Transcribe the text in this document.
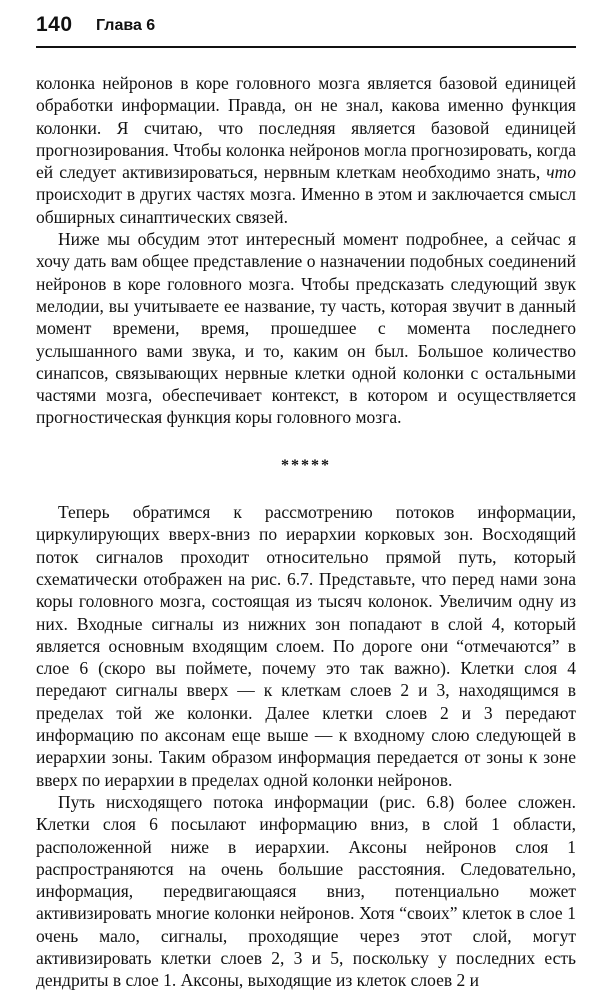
140 Глава 6

колонка нейронов в коре головного мозга является базовой единицей обработки информации. Правда, он не знал, какова именно функция колонки. Я считаю, что последняя является базовой единицей прогнозирования. Чтобы колонка нейронов могла прогнозировать, когда ей следует активизироваться, нервным клеткам необходимо знать, что происходит в других частях мозга. Именно в этом и заключается смысл обширных синаптических связей.

Ниже мы обсудим этот интересный момент подробнее, а сейчас я хочу дать вам общее представление о назначении подобных соединений нейронов в коре головного мозга. Чтобы предсказать следующий звук мелодии, вы учитываете ее название, ту часть, которая звучит в данный момент времени, время, прошедшее с момента последнего услышанного вами звука, и то, каким он был. Большое количество синапсов, связывающих нервные клетки одной колонки с остальными частями мозга, обеспечивает контекст, в котором и осуществляется прогностическая функция коры головного мозга.

*****

Теперь обратимся к рассмотрению потоков информации, циркулирующих вверх-вниз по иерархии корковых зон. Восходящий поток сигналов проходит относительно прямой путь, который схематически отображен на рис. 6.7. Представьте, что перед нами зона коры головного мозга, состоящая из тысяч колонок. Увеличим одну из них. Входные сигналы из нижних зон попадают в слой 4, который является основным входящим слоем. По дороге они “отмечаются” в слое 6 (скоро вы поймете, почему это так важно). Клетки слоя 4 передают сигналы вверх — к клеткам слоев 2 и 3, находящимся в пределах той же колонки. Далее клетки слоев 2 и 3 передают информацию по аксонам еще выше — к входному слою следующей в иерархии зоны. Таким образом информация передается от зоны к зоне вверх по иерархии в пределах одной колонки нейронов.

Путь нисходящего потока информации (рис. 6.8) более сложен. Клетки слоя 6 посылают информацию вниз, в слой 1 области, расположенной ниже в иерархии. Аксоны нейронов слоя 1 распространяются на очень большие расстояния. Следовательно, информация, передвигающаяся вниз, потенциально может активизировать многие колонки нейронов. Хотя “своих” клеток в слое 1 очень мало, сигналы, проходящие через этот слой, могут активизировать клетки слоев 2, 3 и 5, поскольку у последних есть дендриты в слое 1. Аксоны, выходящие из клеток слоев 2 и
